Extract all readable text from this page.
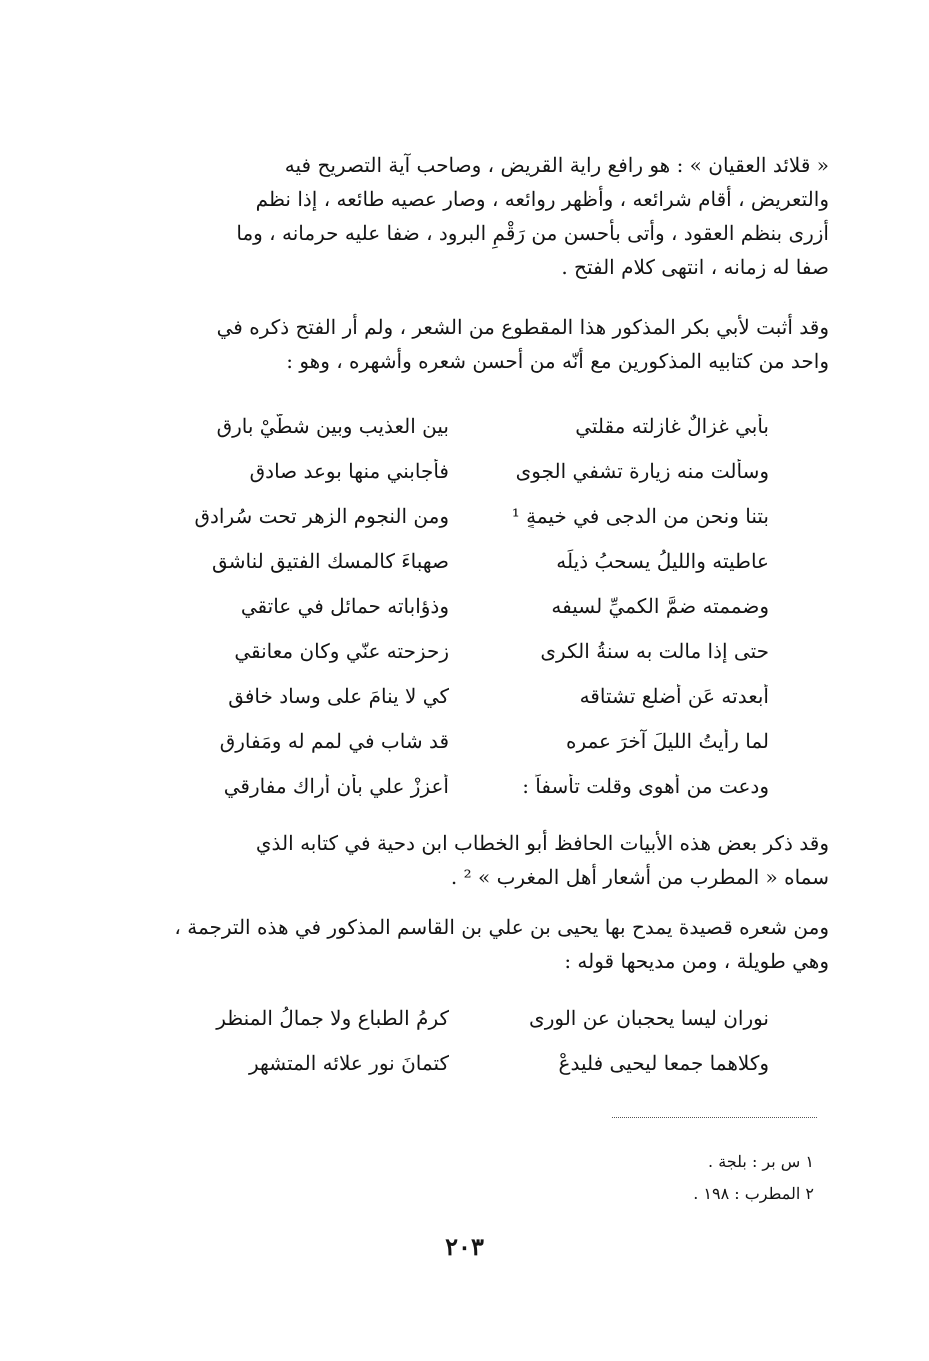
« قلائد العقيان » : هو رافع راية القريض ، وصاحب آية التصريح فيه
والتعريض ، أقام شرائعه ، وأظهر روائعه ، وصار عصيه طائعه ، إذا نظم
أزرى بنظم العقود ، وأتى بأحسن من رَقْمِ البرود ، ضفا عليه حرمانه ، وما
صفا له زمانه ، انتهى كلام الفتح .

وقد أثبت لأبي بكر المذكور هذا المقطوع من الشعر ، ولم أر الفتح ذكره في
واحد من كتابيه المذكورين مع أنّه من أحسن شعره وأشهره ، وهو :

بأبي غزالٌ غازلته مقلتي
بين العذيب وبين شطّيْ بارقِ
وسألت منه زيارة تشفي الجوى
فأجابني منها بوعد صادق
بتنا ونحن من الدجى في خيمةٍ ¹
ومن النجوم الزهر تحت سُرادق
عاطيته والليلُ يسحبُ ذيلَه
صهباءَ كالمسك الفتيق لناشق
وضممته ضمَّ الكميِّ لسيفه
وذؤاباته حمائل في عاتقي
حتى إذا مالت به سنةُ الكرى
زحزحته عنّي وكان معانقي
أبعدته عَن أضلع تشتاقه
كي لا ينامَ على وساد خافق
لما رأيتُ الليلَ آخرَ عمره
قد شاب في لمم له ومَفارق
ودعت من أهوى وقلت تأسفاً :
أعززْ علي بأن أراك مفارقي

وقد ذكر بعض هذه الأبيات الحافظ أبو الخطاب ابن دحية في كتابه الذي
سماه « المطرب من أشعار أهل المغرب » ² .

ومن شعره قصيدة يمدح بها يحيى بن علي بن القاسم المذكور في هذه الترجمة ،
وهي طويلة ، ومن مديحها قوله :

نوران ليسا يحجبان عن الورى
كرمُ الطباع ولا جمالُ المنظرِ
وكلاهما جمعا ليحيى فليدعْ
كتمانَ نورِ علائه المتشهر
١ س بر : بلجة .
٢ المطرب : ١٩٨ .
٢٠٣
